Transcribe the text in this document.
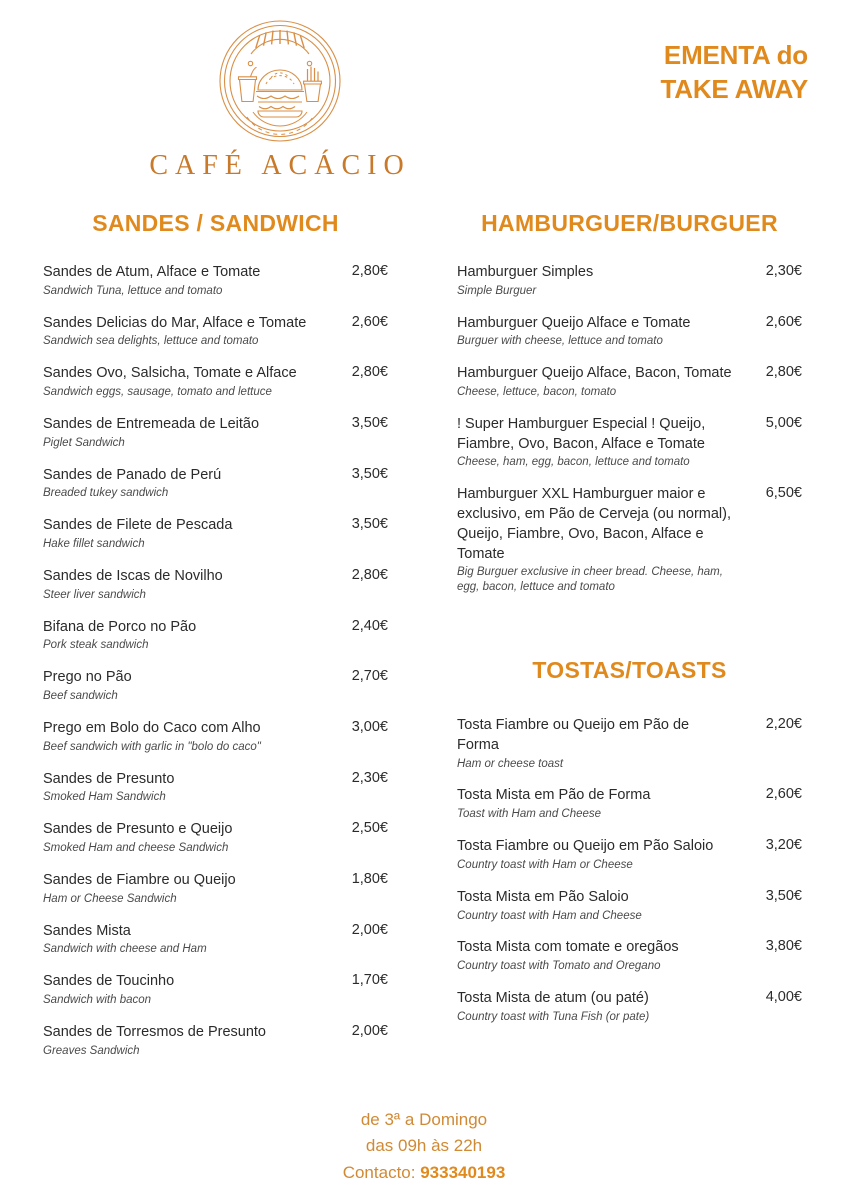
CAFÉ ACÁCIO
EMENTA do
TAKE AWAY
SANDES / SANDWICH
Sandes de Atum, Alface e Tomate
Sandwich Tuna, lettuce and tomato
2,80€
Sandes Delicias do Mar, Alface e Tomate
Sandwich sea delights, lettuce and tomato
2,60€
Sandes Ovo, Salsicha, Tomate e Alface
Sandwich eggs, sausage, tomato and lettuce
2,80€
Sandes de Entremeada de Leitão
Piglet Sandwich
3,50€
Sandes de Panado de Perú
Breaded tukey sandwich
3,50€
Sandes de Filete de Pescada
Hake fillet sandwich
3,50€
Sandes de Iscas de Novilho
Steer liver sandwich
2,80€
Bifana de Porco no Pão
Pork steak sandwich
2,40€
Prego no Pão
Beef sandwich
2,70€
Prego em Bolo do Caco com Alho
Beef sandwich with garlic in "bolo do caco"
3,00€
Sandes de Presunto
Smoked Ham Sandwich
2,30€
Sandes de Presunto e Queijo
Smoked Ham and cheese Sandwich
2,50€
Sandes de Fiambre ou Queijo
Ham or Cheese Sandwich
1,80€
Sandes Mista
Sandwich with cheese and Ham
2,00€
Sandes de Toucinho
Sandwich with bacon
1,70€
Sandes de Torresmos de Presunto
Greaves Sandwich
2,00€
HAMBURGUER/BURGUER
Hamburguer Simples
Simple Burguer
2,30€
Hamburguer Queijo Alface e Tomate
Burguer with cheese, lettuce and tomato
2,60€
Hamburguer Queijo Alface, Bacon, Tomate
Cheese, lettuce, bacon, tomato
2,80€
! Super Hamburguer Especial ! Queijo, Fiambre, Ovo, Bacon, Alface e Tomate
Cheese, ham, egg, bacon, lettuce and tomato
5,00€
Hamburguer XXL Hamburguer maior e exclusivo, em Pão de Cerveja (ou normal), Queijo, Fiambre, Ovo, Bacon, Alface e Tomate
Big Burguer exclusive in cheer bread. Cheese, ham, egg, bacon, lettuce and tomato
6,50€
TOSTAS/TOASTS
Tosta Fiambre ou Queijo em Pão de Forma
Ham or cheese toast
2,20€
Tosta Mista em Pão de Forma
Toast with Ham and Cheese
2,60€
Tosta Fiambre ou Queijo em Pão Saloio
Country toast with Ham or Cheese
3,20€
Tosta Mista em Pão Saloio
Country toast with Ham and Cheese
3,50€
Tosta Mista com tomate e oregãos
Country toast with Tomato and Oregano
3,80€
Tosta Mista de atum (ou paté)
Country toast with Tuna Fish (or pate)
4,00€
de 3ª a Domingo
das 09h às 22h
Contacto: 933340193
